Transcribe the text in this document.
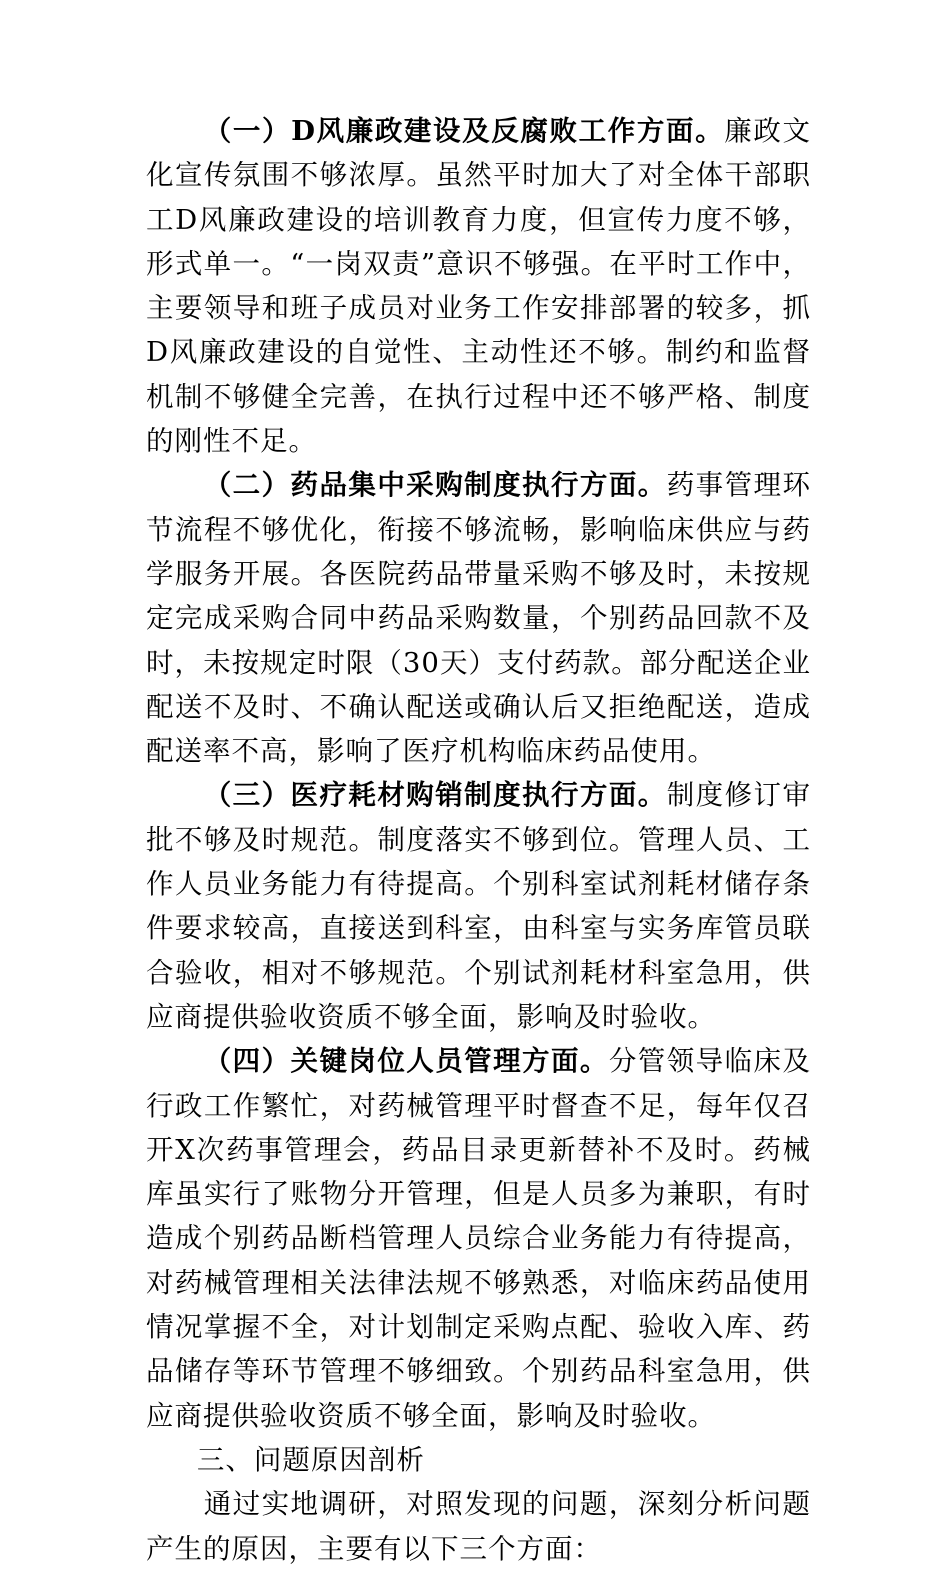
（一）D风廉政建设及反腐败工作方面。廉政文化宣传氛围不够浓厚。虽然平时加大了对全体干部职工D风廉政建设的培训教育力度，但宣传力度不够，形式单一。“一岗双责”意识不够强。在平时工作中，主要领导和班子成员对业务工作安排部署的较多，抓D风廉政建设的自觉性、主动性还不够。制约和监督机制不够健全完善，在执行过程中还不够严格、制度的刚性不足。

（二）药品集中采购制度执行方面。药事管理环节流程不够优化，衔接不够流畅，影响临床供应与药学服务开展。各医院药品带量采购不够及时，未按规定完成采购合同中药品采购数量，个别药品回款不及时，未按规定时限（30天）支付药款。部分配送企业配送不及时、不确认配送或确认后又拒绝配送，造成配送率不高，影响了医疗机构临床药品使用。

（三）医疗耗材购销制度执行方面。制度修订审批不够及时规范。制度落实不够到位。管理人员、工作人员业务能力有待提高。个别科室试剂耗材储存条件要求较高，直接送到科室，由科室与实务库管员联合验收，相对不够规范。个别试剂耗材科室急用，供应商提供验收资质不够全面，影响及时验收。

（四）关键岗位人员管理方面。分管领导临床及行政工作繁忙，对药械管理平时督查不足，每年仅召开X次药事管理会，药品目录更新替补不及时。药械库虽实行了账物分开管理，但是人员多为兼职，有时造成个别药品断档管理人员综合业务能力有待提高，对药械管理相关法律法规不够熟悉，对临床药品使用情况掌握不全，对计划制定采购点配、验收入库、药品储存等环节管理不够细致。个别药品科室急用，供应商提供验收资质不够全面，影响及时验收。

三、问题原因剖析

通过实地调研，对照发现的问题，深刻分析问题产生的原因，主要有以下三个方面：
